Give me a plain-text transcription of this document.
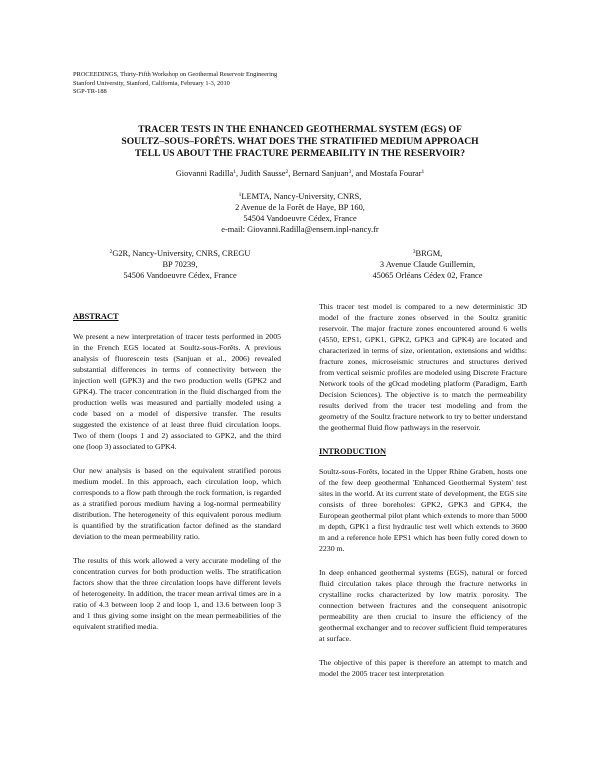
PROCEEDINGS, Thirty-Fifth Workshop on Geothermal Reservoir Engineering
Stanford University, Stanford, California, February 1-3, 2010
SGP-TR-188
TRACER TESTS IN THE ENHANCED GEOTHERMAL SYSTEM (EGS) OF
SOULTZ–SOUS–FORÊTS. WHAT DOES THE STRATIFIED MEDIUM APPROACH
TELL US ABOUT THE FRACTURE PERMEABILITY IN THE RESERVOIR?
Giovanni Radilla$^1$, Judith Sausse$^2$, Bernard Sanjuan$^3$, and Mostafa Fourar$^1$
$^1$LEMTA, Nancy-University, CNRS,
2 Avenue de la Forêt de Haye, BP 160,
54504 Vandoeuvre Cédex, France
e-mail: Giovanni.Radilla@ensem.inpl-nancy.fr
$^2$G2R, Nancy-University, CNRS, CREGU
BP 70239,
54506 Vandoeuvre Cédex, France
$^3$BRGM,
3 Avenue Claude Guillemin,
45065 Orléans Cédex 02, France
ABSTRACT

We present a new interpretation of tracer tests performed in 2005 in the French EGS located at Soultz-sous-Forêts. A previous analysis of fluorescein tests (Sanjuan et al., 2006) revealed substantial differences in terms of connectivity between the injection well (GPK3) and the two production wells (GPK2 and GPK4). The tracer concentration in the fluid discharged from the production wells was measured and partially modeled using a code based on a model of dispersive transfer. The results suggested the existence of at least three fluid circulation loops. Two of them (loops 1 and 2) associated to GPK2, and the third one (loop 3) associated to GPK4.

Our new analysis is based on the equivalent stratified porous medium model. In this approach, each circulation loop, which corresponds to a flow path through the rock formation, is regarded as a stratified porous medium having a log-normal permeability distribution. The heterogeneity of this equivalent porous medium is quantified by the stratification factor defined as the standard deviation to the mean permeability ratio.

The results of this work allowed a very accurate modeling of the concentration curves for both production wells. The stratification factors show that the three circulation loops have different levels of heterogeneity. In addition, the tracer mean arrival times are in a ratio of 4.3 between loop 2 and loop 1, and 13.6 between loop 3 and 1 thus giving some insight on the mean permeabilities of the equivalent stratified media.

This tracer test model is compared to a new deterministic 3D model of the fracture zones observed in the Soultz granitic reservoir. The major fracture zones encountered around 6 wells (4550, EPS1, GPK1, GPK2, GPK3 and GPK4) are located and characterized in terms of size, orientation, extensions and widths: fracture zones, microseismic structures and structures derived from vertical seismic profiles are modeled using Discrete Fracture Network tools of the gOcad modeling platform (Paradigm, Earth Decision Sciences). The objective is to match the permeability results derived from the tracer test modeling and from the geometry of the Soultz fracture network to try to better understand the geothermal fluid flow pathways in the reservoir.

INTRODUCTION

Soultz-sous-Forêts, located in the Upper Rhine Graben, hosts one of the few deep geothermal 'Enhanced Geothermal System' test sites in the world. At its current state of development, the EGS site consists of three boreholes: GPK2, GPK3 and GPK4, the European geothermal pilot plant which extends to more than 5000 m depth, GPK1 a first hydraulic test well which extends to 3600 m and a reference hole EPS1 which has been fully cored down to 2230 m.

In deep enhanced geothermal systems (EGS), natural or forced fluid circulation takes place through the fracture networks in crystalline rocks characterized by low matrix porosity. The connection between fractures and the consequent anisotropic permeability are then crucial to insure the efficiency of the geothermal exchanger and to recover sufficient fluid temperatures at surface.

The objective of this paper is therefore an attempt to match and model the 2005 tracer test interpretation
